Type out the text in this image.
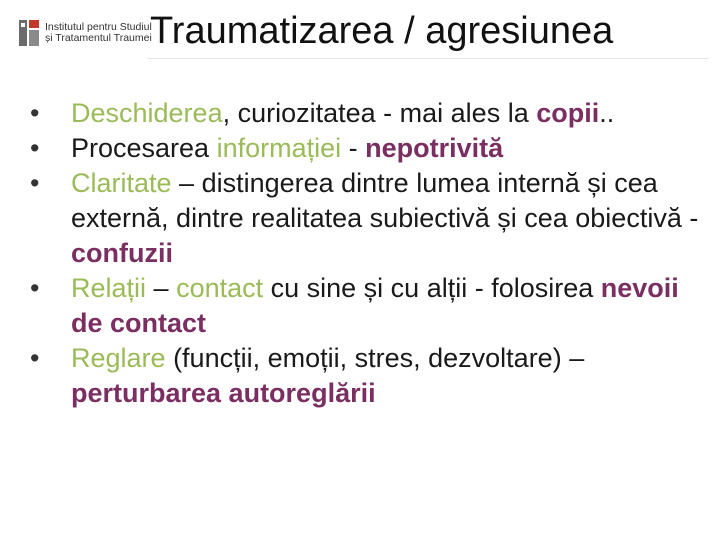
Institutul pentru Studiul
și Tratamentul Traumei
Traumatizarea / agresiunea
• Deschiderea, curiozitatea - mai ales la copii..
• Procesarea informației - nepotrivită
• Claritate – distingerea dintre lumea internă și cea externă, dintre realitatea subiectivă și cea obiectivă - confuzii
• Relații – contact cu sine și cu alții - folosirea nevoii de contact
• Reglare (funcții, emoții, stres, dezvoltare) – perturbarea autoreglării
